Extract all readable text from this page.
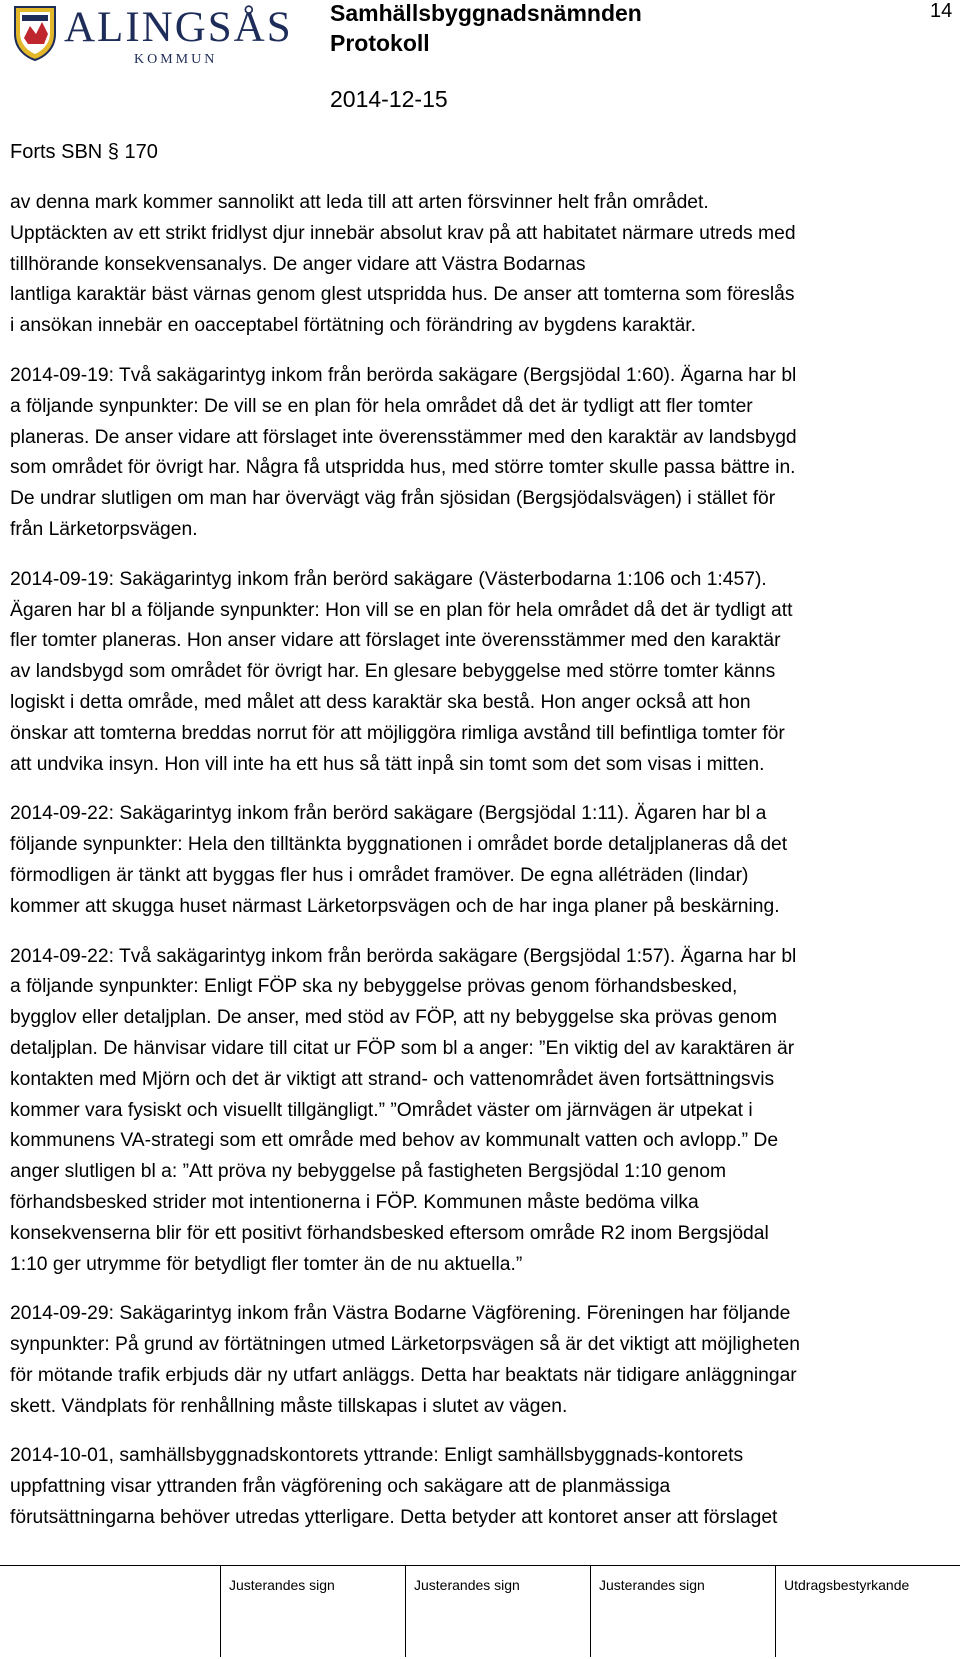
ALINGSÅS
KOMMUN
Samhällsbyggnadsnämnden
Protokoll
2014-12-15
14
Forts SBN § 170
av denna mark kommer sannolikt att leda till att arten försvinner helt från området.
Upptäckten av ett strikt fridlyst djur innebär absolut krav på att habitatet närmare utreds med
tillhörande konsekvensanalys. De anger vidare att Västra Bodarnas
lantliga karaktär bäst värnas genom glest utspridda hus. De anser att tomterna som föreslås
i ansökan innebär en oacceptabel förtätning och förändring av bygdens karaktär.
2014-09-19: Två sakägarintyg inkom från berörda sakägare (Bergsjödal 1:60). Ägarna har bl
a följande synpunkter: De vill se en plan för hela området då det är tydligt att fler tomter
planeras. De anser vidare att förslaget inte överensstämmer med den karaktär av landsbygd
som området för övrigt har. Några få utspridda hus, med större tomter skulle passa bättre in.
De undrar slutligen om man har övervägt väg från sjösidan (Bergsjödalsvägen) i stället för
från Lärketorpsvägen.
2014-09-19: Sakägarintyg inkom från berörd sakägare (Västerbodarna 1:106 och 1:457).
Ägaren har bl a följande synpunkter: Hon vill se en plan för hela området då det är tydligt att
fler tomter planeras. Hon anser vidare att förslaget inte överensstämmer med den karaktär
av landsbygd som området för övrigt har. En glesare bebyggelse med större tomter känns
logiskt i detta område, med målet att dess karaktär ska bestå. Hon anger också att hon
önskar att tomterna breddas norrut för att möjliggöra rimliga avstånd till befintliga tomter för
att undvika insyn. Hon vill inte ha ett hus så tätt inpå sin tomt som det som visas i mitten.
2014-09-22: Sakägarintyg inkom från berörd sakägare (Bergsjödal 1:11). Ägaren har bl a
följande synpunkter: Hela den tilltänkta byggnationen i området borde detaljplaneras då det
förmodligen är tänkt att byggas fler hus i området framöver. De egna alléträden (lindar)
kommer att skugga huset närmast Lärketorpsvägen och de har inga planer på beskärning.
2014-09-22: Två sakägarintyg inkom från berörda sakägare (Bergsjödal 1:57). Ägarna har bl
a följande synpunkter: Enligt FÖP ska ny bebyggelse prövas genom förhandsbesked,
bygglov eller detaljplan. De anser, med stöd av FÖP, att ny bebyggelse ska prövas genom
detaljplan. De hänvisar vidare till citat ur FÖP som bl a anger: ”En viktig del av karaktären är
kontakten med Mjörn och det är viktigt att strand- och vattenområdet även fortsättningsvis
kommer vara fysiskt och visuellt tillgängligt.” ”Området väster om järnvägen är utpekat i
kommunens VA-strategi som ett område med behov av kommunalt vatten och avlopp.” De
anger slutligen bl a: ”Att pröva ny bebyggelse på fastigheten Bergsjödal 1:10 genom
förhandsbesked strider mot intentionerna i FÖP. Kommunen måste bedöma vilka
konsekvenserna blir för ett positivt förhandsbesked eftersom område R2 inom Bergsjödal
1:10 ger utrymme för betydligt fler tomter än de nu aktuella.”
2014-09-29: Sakägarintyg inkom från Västra Bodarne Vägförening. Föreningen har följande
synpunkter: På grund av förtätningen utmed Lärketorpsvägen så är det viktigt att möjligheten
för mötande trafik erbjuds där ny utfart anläggs. Detta har beaktats när tidigare anläggningar
skett. Vändplats för renhållning måste tillskapas i slutet av vägen.
2014-10-01, samhällsbyggnadskontorets yttrande: Enligt samhällsbyggnads-kontorets
uppfattning visar yttranden från vägförening och sakägare att de planmässiga
förutsättningarna behöver utredas ytterligare. Detta betyder att kontoret anser att förslaget
Justerandes sign	Justerandes sign	Justerandes sign	Utdragsbestyrkande
